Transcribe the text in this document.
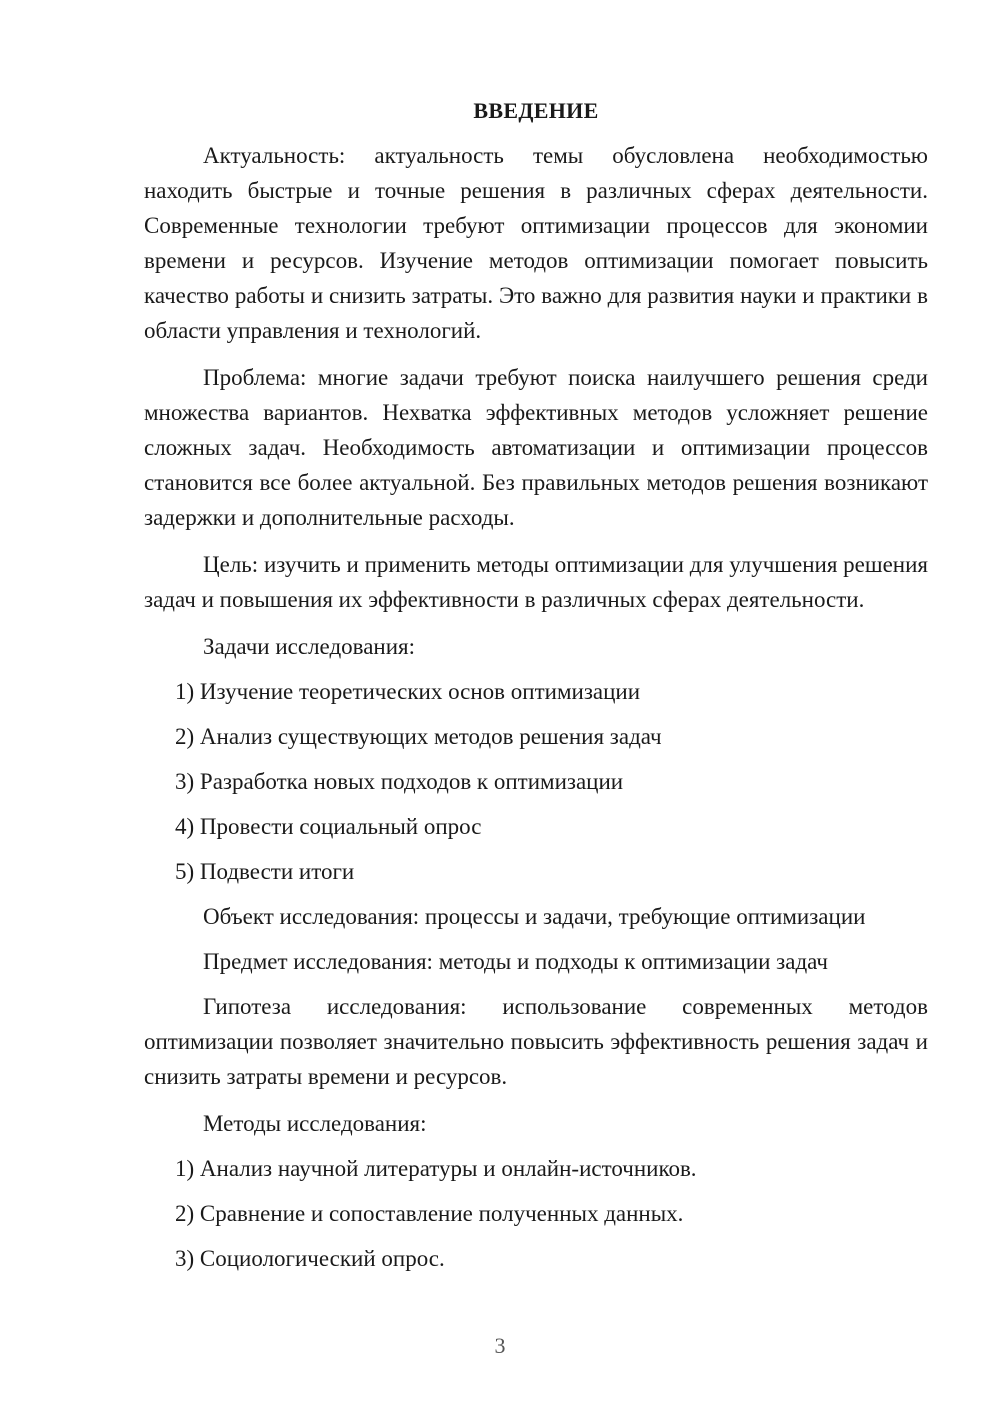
ВВЕДЕНИЕ
Актуальность: актуальность темы обусловлена необходимостью находить быстрые и точные решения в различных сферах деятельности. Современные технологии требуют оптимизации процессов для экономии времени и ресурсов. Изучение методов оптимизации помогает повысить качество работы и снизить затраты. Это важно для развития науки и практики в области управления и технологий.
Проблема: многие задачи требуют поиска наилучшего решения среди множества вариантов. Нехватка эффективных методов усложняет решение сложных задач. Необходимость автоматизации и оптимизации процессов становится все более актуальной. Без правильных методов решения возникают задержки и дополнительные расходы.
Цель: изучить и применить методы оптимизации для улучшения решения задач и повышения их эффективности в различных сферах деятельности.
Задачи исследования:
1) Изучение теоретических основ оптимизации
2) Анализ существующих методов решения задач
3) Разработка новых подходов к оптимизации
4) Провести социальный опрос
5) Подвести итоги
Объект исследования: процессы и задачи, требующие оптимизации
Предмет исследования: методы и подходы к оптимизации задач
Гипотеза исследования: использование современных методов оптимизации позволяет значительно повысить эффективность решения задач и снизить затраты времени и ресурсов.
Методы исследования:
1) Анализ научной литературы и онлайн-источников.
2) Сравнение и сопоставление полученных данных.
3) Социологический опрос.
3
